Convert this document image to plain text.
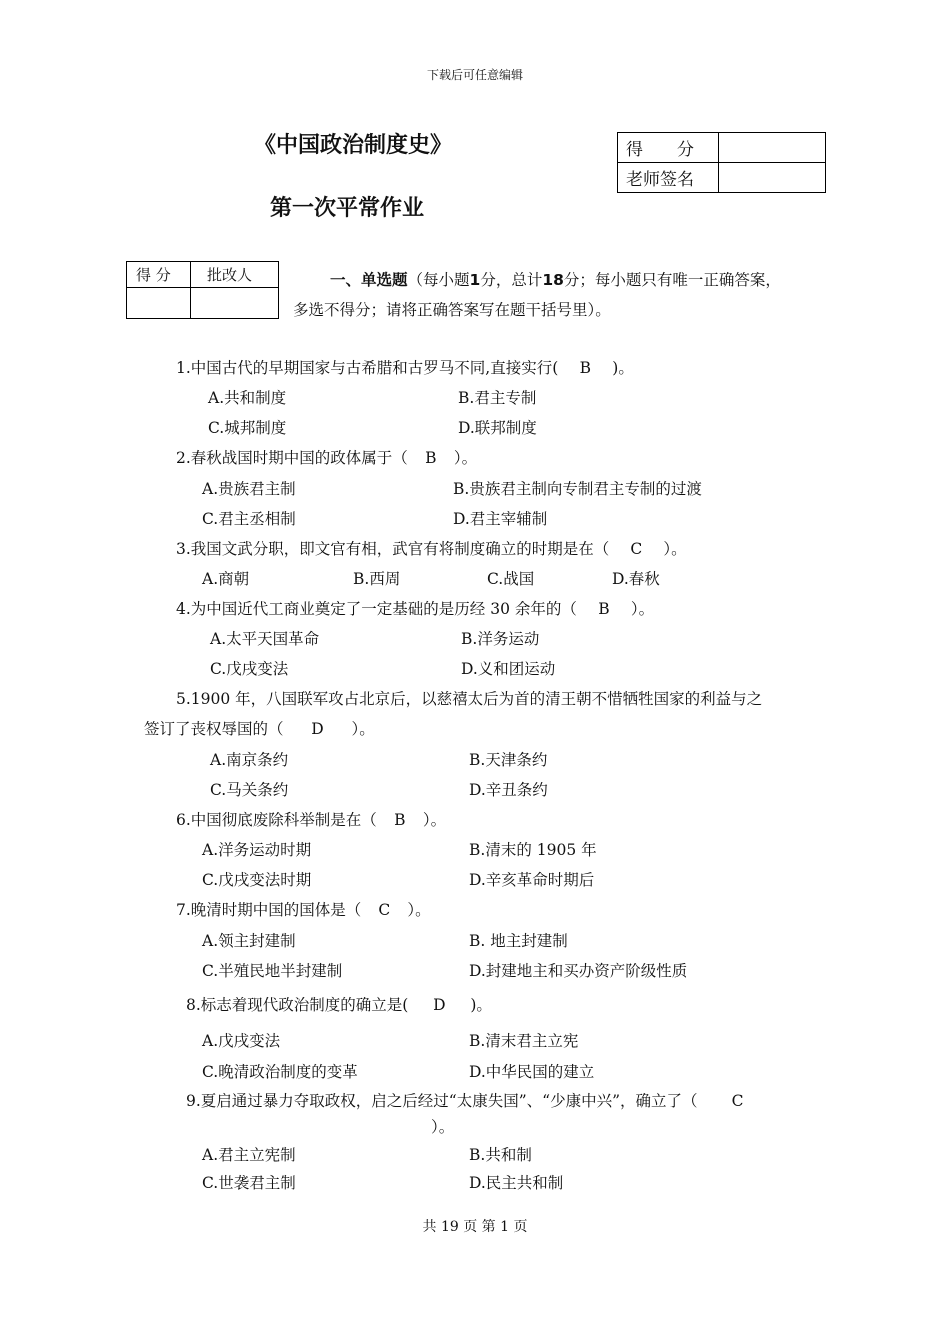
下载后可任意编辑
《中国政治制度史》
第一次平常作业
得　　分	
老师签名	
得 分	批改人
		一、单选题（每小题1分，总计18分；每小题只有唯一正确答案，
多选不得分；请将正确答案写在题干括号里）。
1.中国古代的早期国家与古希腊和古罗马不同,直接实行( B )。
A.共和制度	B.君主专制
C.城邦制度	D.联邦制度
2.春秋战国时期中国的政体属于（ B ）。
A.贵族君主制	B.贵族君主制向专制君主专制的过渡
C.君主丞相制	D.君主宰辅制
3.我国文武分职，即文官有相，武官有将制度确立的时期是在（ C ）。
A.商朝	B.西周	C.战国	D.春秋
4.为中国近代工商业奠定了一定基础的是历经 30 余年的（ B ）。
A.太平天国革命	B.洋务运动
C.戊戌变法	D.义和团运动
5.1900 年，八国联军攻占北京后，以慈禧太后为首的清王朝不惜牺牲国家的利益与之
签订了丧权辱国的（ D ）。
A.南京条约	B.天津条约
C.马关条约	D.辛丑条约
6.中国彻底废除科举制是在（ B ）。
A.洋务运动时期	B.清末的 1905 年
C.戊戌变法时期	D.辛亥革命时期后
7.晚清时期中国的国体是（ C ）。
A.领主封建制	B. 地主封建制
C.半殖民地半封建制	D.封建地主和买办资产阶级性质
8.标志着现代政治制度的确立是( D )。
A.戊戌变法	B.清末君主立宪
C.晚清政治制度的变革	D.中华民国的建立
9.夏启通过暴力夺取政权，启之后经过“太康失国”、“少康中兴”，确立了（ C
）。
A.君主立宪制	B.共和制
C.世袭君主制	D.民主共和制
共 19 页 第 1 页
